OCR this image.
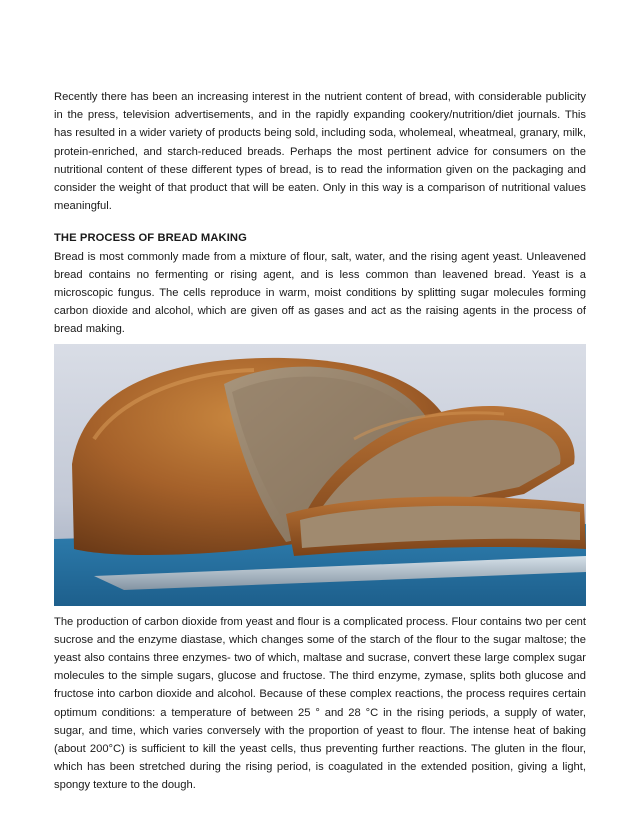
Recently there has been an increasing interest in the nutrient content of bread, with considerable publicity in the press, television advertisements, and in the rapidly expanding cookery/nutrition/diet journals. This has resulted in a wider variety of products being sold, including soda, wholemeal, wheatmeal, granary, milk, protein-enriched, and starch-reduced breads. Perhaps the most pertinent advice for consumers on the nutritional content of these different types of bread, is to read the information given on the packaging and consider the weight of that product that will be eaten. Only in this way is a comparison of nutritional values meaningful.

THE PROCESS OF BREAD MAKING

Bread is most commonly made from a mixture of flour, salt, water, and the rising agent yeast. Unleavened bread contains no fermenting or rising agent, and is less common than leavened bread. Yeast is a microscopic fungus. The cells reproduce in warm, moist conditions by splitting sugar molecules forming carbon dioxide and alcohol, which are given off as gases and act as the raising agents in the process of bread making.

The production of carbon dioxide from yeast and flour is a complicated process. Flour contains two per cent sucrose and the enzyme diastase, which changes some of the starch of the flour to the sugar maltose; the yeast also contains three enzymes- two of which, maltase and sucrase, convert these large complex sugar molecules to the simple sugars, glucose and fructose. The third enzyme, zymase, splits both glucose and fructose into carbon dioxide and alcohol. Because of these complex reactions, the process requires certain optimum conditions: a temperature of between 25 ° and 28 °C in the rising periods, a supply of water, sugar, and time, which varies conversely with the proportion of yeast to flour. The intense heat of baking (about 200°C) is sufficient to kill the yeast cells, thus preventing further reactions. The gluten in the flour, which has been stretched during the rising period, is coagulated in the extended position, giving a light, spongy texture to the dough.
